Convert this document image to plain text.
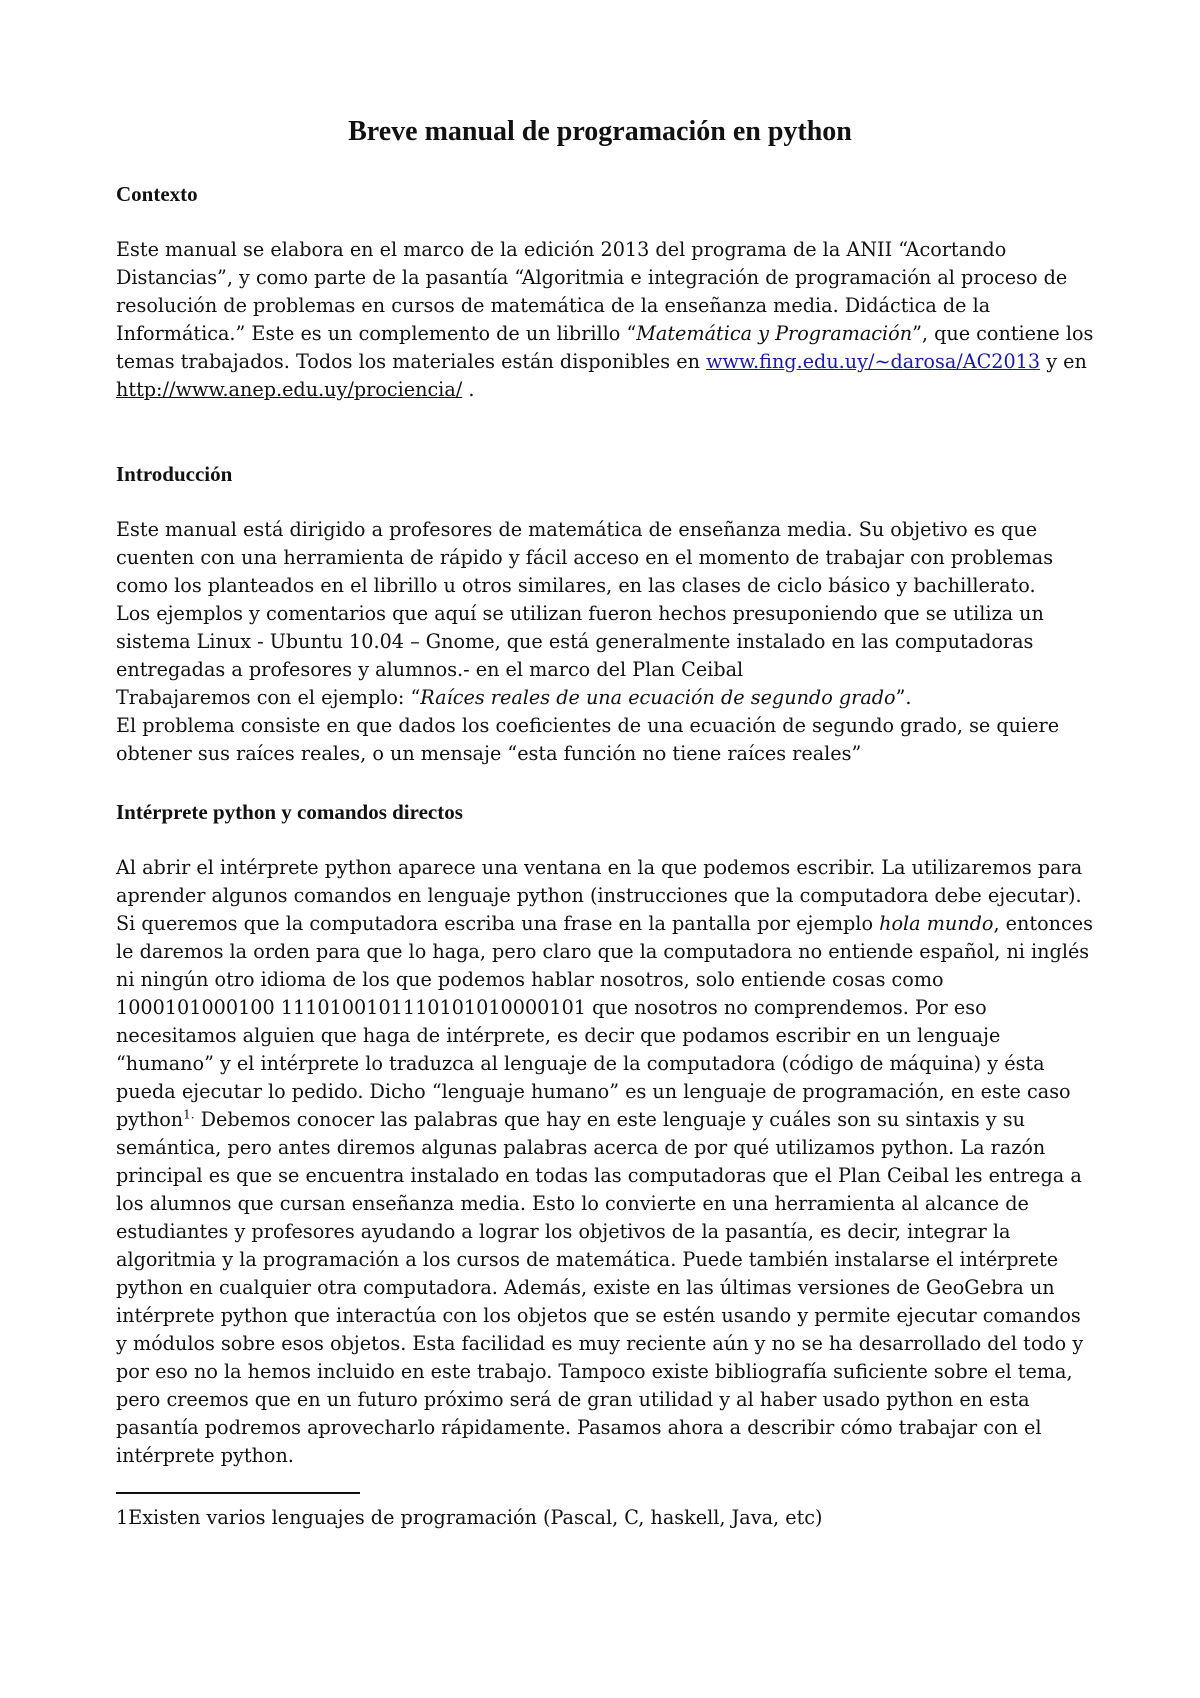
Breve manual de programación en python
Contexto

Este manual se elabora en el marco de la edición 2013 del programa de la ANII “Acortando Distancias”, y como parte de la pasantía “Algoritmia e integración de programación al proceso de resolución de problemas en cursos de matemática de la enseñanza media. Didáctica de la Informática.” Este es un complemento de un librillo “Matemática y Programación”, que contiene los temas trabajados. Todos los materiales están disponibles en www.fing.edu.uy/~darosa/AC2013 y en http://www.anep.edu.uy/prociencia/ .

Introducción

Este manual está dirigido a profesores de matemática de enseñanza media. Su objetivo es que cuenten con una herramienta de rápido y fácil acceso en el momento de trabajar con problemas como los planteados en el librillo u otros similares, en las clases de ciclo básico y bachillerato.

Los ejemplos y comentarios que aquí se utilizan fueron hechos presuponiendo que se utiliza un sistema Linux - Ubuntu 10.04 – Gnome, que está generalmente instalado en las computadoras entregadas a profesores y alumnos.- en el marco del Plan Ceibal

Trabajaremos con el ejemplo: “Raíces reales de una ecuación de segundo grado”.

El problema consiste en que dados los coeficientes de una ecuación de segundo grado, se quiere obtener sus raíces reales, o un mensaje “esta función no tiene raíces reales”

Intérprete python y comandos directos

Al abrir el intérprete python aparece una ventana en la que podemos escribir. La utilizaremos para aprender algunos comandos en lenguaje python (instrucciones que la computadora debe ejecutar). Si queremos que la computadora escriba una frase en la pantalla por ejemplo hola mundo, entonces le daremos la orden para que lo haga, pero claro que la computadora no entiende español, ni inglés ni ningún otro idioma de los que podemos hablar nosotros, solo entiende cosas como 1000101000100 1110100101110101010000101 que nosotros no comprendemos. Por eso necesitamos alguien que haga de intérprete, es decir que podamos escribir en un lenguaje “humano” y el intérprete lo traduzca al lenguaje de la computadora (código de máquina) y ésta pueda ejecutar lo pedido. Dicho “lenguaje humano” es un lenguaje de programación, en este caso python$^{1.}$ Debemos conocer las palabras que hay en este lenguaje y cuáles son su sintaxis y su semántica, pero antes diremos algunas palabras acerca de por qué utilizamos python. La razón principal es que se encuentra instalado en todas las computadoras que el Plan Ceibal les entrega a los alumnos que cursan enseñanza media. Esto lo convierte en una herramienta al alcance de estudiantes y profesores ayudando a lograr los objetivos de la pasantía, es decir, integrar la algoritmia y la programación a los cursos de matemática. Puede también instalarse el intérprete python en cualquier otra computadora. Además, existe en las últimas versiones de GeoGebra un intérprete python que interactúa con los objetos que se estén usando y permite ejecutar comandos y módulos sobre esos objetos. Esta facilidad es muy reciente aún y no se ha desarrollado del todo y por eso no la hemos incluido en este trabajo. Tampoco existe bibliografía suficiente sobre el tema, pero creemos que en un futuro próximo será de gran utilidad y al haber usado python en esta pasantía podremos aprovecharlo rápidamente. Pasamos ahora a describir cómo trabajar con el intérprete python.

1Existen varios lenguajes de programación (Pascal, C, haskell, Java, etc)
